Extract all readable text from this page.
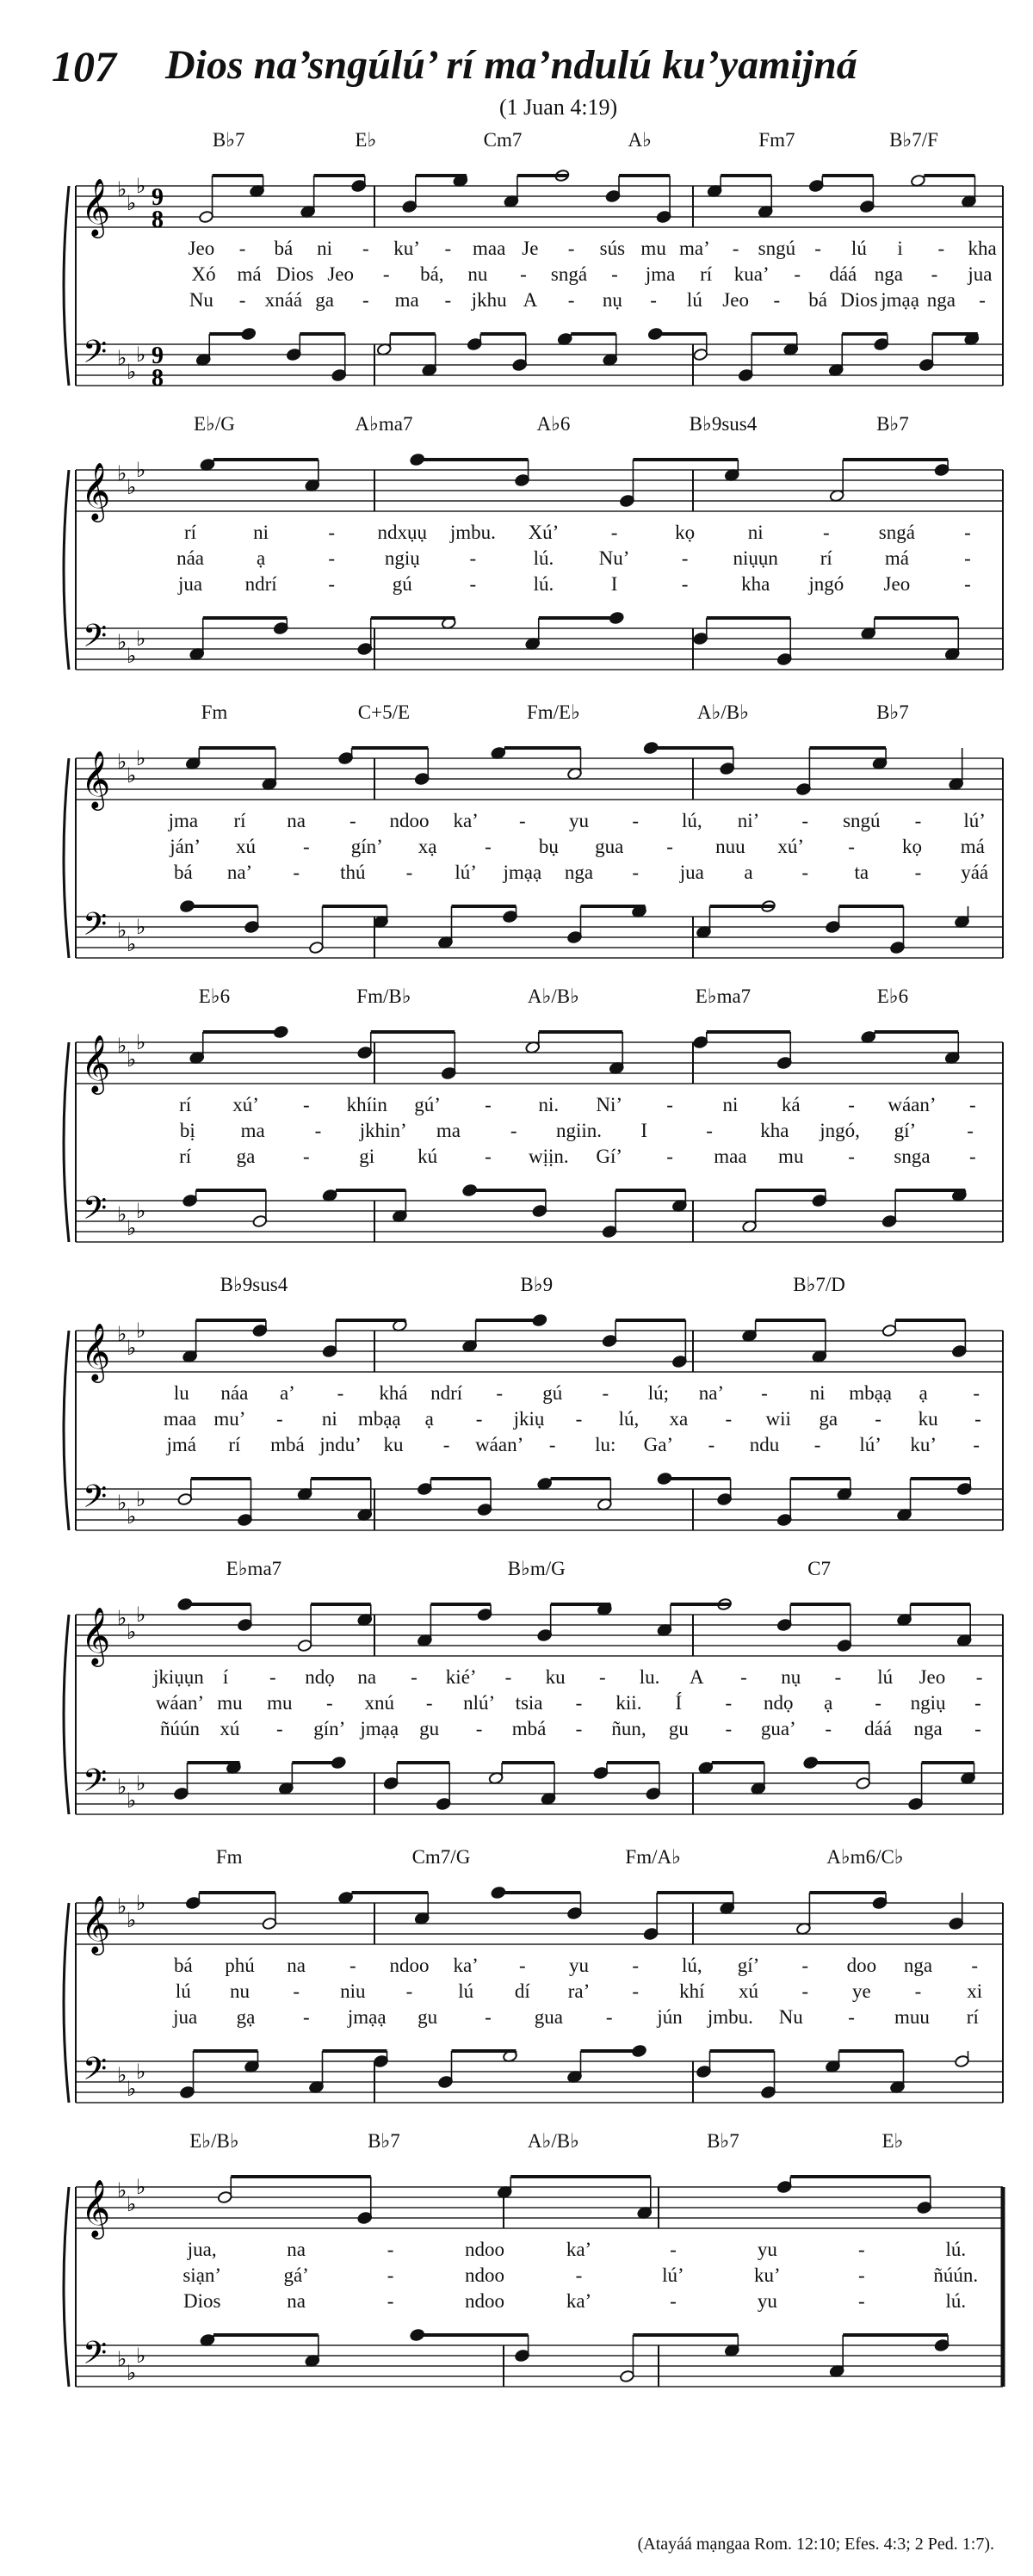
107 Dios na’sngúlú’ rí ma’ndulú ku’yamijná
(1 Juan 4:19)
𝄞
𝄢
♭
♭
♭
♭
♭
♭
9
8
9
8
B♭7	E♭	Cm7	A♭	Fm7	B♭7/F
Jeo - bá ni - ku’ - maa Je - sús mu ma’ - sngú - lú i - kha
Xó má Dios Jeo - bá, nu - sngá - jma rí kua’ - dáá nga - jua
Nu - xnáá ga - ma - jkhu A - nụ - lú Jeo - bá Dios jmạạ nga -
𝄞
𝄢
♭
♭
♭
♭
♭
♭
E♭/G	A♭ma7	A♭6	B♭9sus4	B♭7
rí	ni	- ndxụụ jmbu. Xú’	-	kọ	ni	- sngá -
náa	ạ	-	ngiụ	-	lú. Nu’	- niụụn rí	má	-
jua ndrí	-	gú	-	lú.	I	-	kha jngó Jeo	-
𝄞
𝄢
♭
♭
♭
♭
♭
♭
Fm	C+5/E	Fm/E♭	A♭/B♭	B♭7
jma rí na - ndoo ka’ - yu - lú, ni’ - sngú - lú’
ján’ xú - gín’ xạ - bụ gua - nuu xú’ - kọ má
bá na’ - thú - lú’ jmạạ nga - jua a - ta - yáá
𝄞
𝄢
♭
♭
♭
♭
♭
♭
E♭6	Fm/B♭	A♭/B♭	E♭ma7	E♭6
rí xú’ - khíin gú’ - ni. Ni’ -	ni ká - wáan’ -
bị ma	- jkhin’ ma	- ngiin. I	- kha jngó, gí’	-
rí ga -	gi kú - wịịn. Gí’ - maa mu - snga -
𝄞
𝄢
♭
♭
♭
♭
♭
♭
B♭9sus4	B♭9	B♭7/D
lu náa a’ - khá ndrí - gú - lú; na’ - ni mbạạ ạ -
maa mu’ - ni mbạạ ạ - jkiụ - lú, xa - wii ga - ku -
jmá rí mbá jndu’ ku - wáan’ - lu: Ga’ - ndu - lú’ ku’ -
𝄞
𝄢
♭
♭
♭
♭
♭
♭
E♭ma7	B♭m/G	C7
jkiụụn í - ndọ na - kié’ - ku - lu. A - nụ - lú Jeo -
wáan’ mu mu - xnú - nlú’ tsia - kii. Í - ndọ ạ - ngiụ -
ñúún xú - gín’ jmạạ gu - mbá - ñun, gu - gua’ - dáá nga -
𝄞
𝄢
♭
♭
♭
♭
♭
♭
Fm	Cm7/G	Fm/A♭	A♭m6/C♭
bá phú na - ndoo ka’ - yu - lú, gí’ - doo nga -
lú nu - niu - lú dí ra’ - khí xú - ye - xi
jua gạ - jmạạ gu - gua - jún jmbu. Nu - muu rí
𝄞
𝄢
♭
♭
♭
♭
♭
♭
E♭/B♭	B♭7	A♭/B♭	B♭7	E♭
jua,	na	-	ndoo	ka’	-	yu	-	lú.
siạn’	gá’	-	ndoo	-	lú’	ku’	-	ñúún.
Dios	na	-	ndoo	ka’	-	yu	-	lú.
(Atayáá mạngaa Rom. 12:10; Efes. 4:3; 2 Ped. 1:7).
